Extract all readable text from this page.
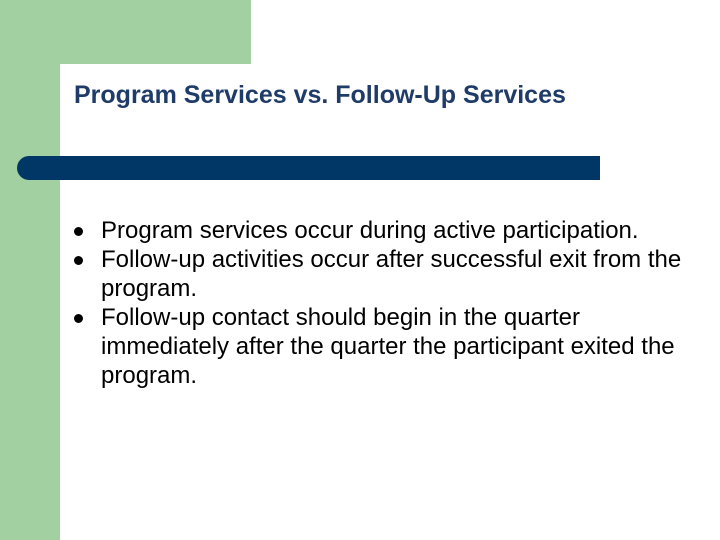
Program Services vs. Follow-Up Services
Program services occur during active participation.
Follow-up activities occur after successful exit from the program.
Follow-up contact should begin in the quarter immediately after the quarter the participant exited the program.
